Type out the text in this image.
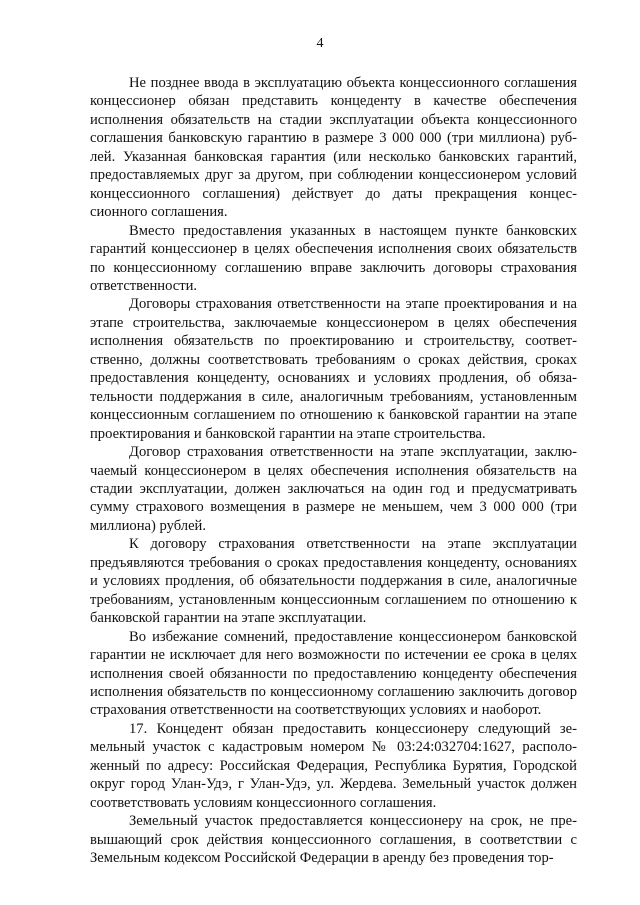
4

Не позднее ввода в эксплуатацию объекта концессионного соглашения концессионер обязан представить концеденту в качестве обеспечения исполнения обязательств на стадии эксплуатации объекта концессионного соглашения банковскую гарантию в размере 3 000 000 (три миллиона) рублей. Указанная банковская гарантия (или несколько банковских гарантий, предоставляемых друг за другом, при соблюдении концессионером условий концессионного соглашения) действует до даты прекращения концессионного соглашения.

Вместо предоставления указанных в настоящем пункте банковских гарантий концессионер в целях обеспечения исполнения своих обязательств по концессионному соглашению вправе заключить договоры страхования ответственности.

Договоры страхования ответственности на этапе проектирования и на этапе строительства, заключаемые концессионером в целях обеспечения исполнения обязательств по проектированию и строительству, соответственно, должны соответствовать требованиям о сроках действия, сроках предоставления концеденту, основаниях и условиях продления, об обязательности поддержания в силе, аналогичным требованиям, установленным концессионным соглашением по отношению к банковской гарантии на этапе проектирования и банковской гарантии на этапе строительства.

Договор страхования ответственности на этапе эксплуатации, заключаемый концессионером в целях обеспечения исполнения обязательств на стадии эксплуатации, должен заключаться на один год и предусматривать сумму страхового возмещения в размере не меньшем, чем 3 000 000 (три миллиона) рублей.

К договору страхования ответственности на этапе эксплуатации предъявляются требования о сроках предоставления концеденту, основаниях и условиях продления, об обязательности поддержания в силе, аналогичные требованиям, установленным концессионным соглашением по отношению к банковской гарантии на этапе эксплуатации.

Во избежание сомнений, предоставление концессионером банковской гарантии не исключает для него возможности по истечении ее срока в целях исполнения своей обязанности по предоставлению концеденту обеспечения исполнения обязательств по концессионному соглашению заключить договор страхования ответственности на соответствующих условиях и наоборот.

17. Концедент обязан предоставить концессионеру следующий земельный участок с кадастровым номером № 03:24:032704:1627, расположенный по адресу: Российская Федерация, Республика Бурятия, Городской округ город Улан-Удэ, г Улан-Удэ, ул. Жердева. Земельный участок должен соответствовать условиям концессионного соглашения.

Земельный участок предоставляется концессионеру на срок, не превышающий срок действия концессионного соглашения, в соответствии с Земельным кодексом Российской Федерации в аренду без проведения тор-
